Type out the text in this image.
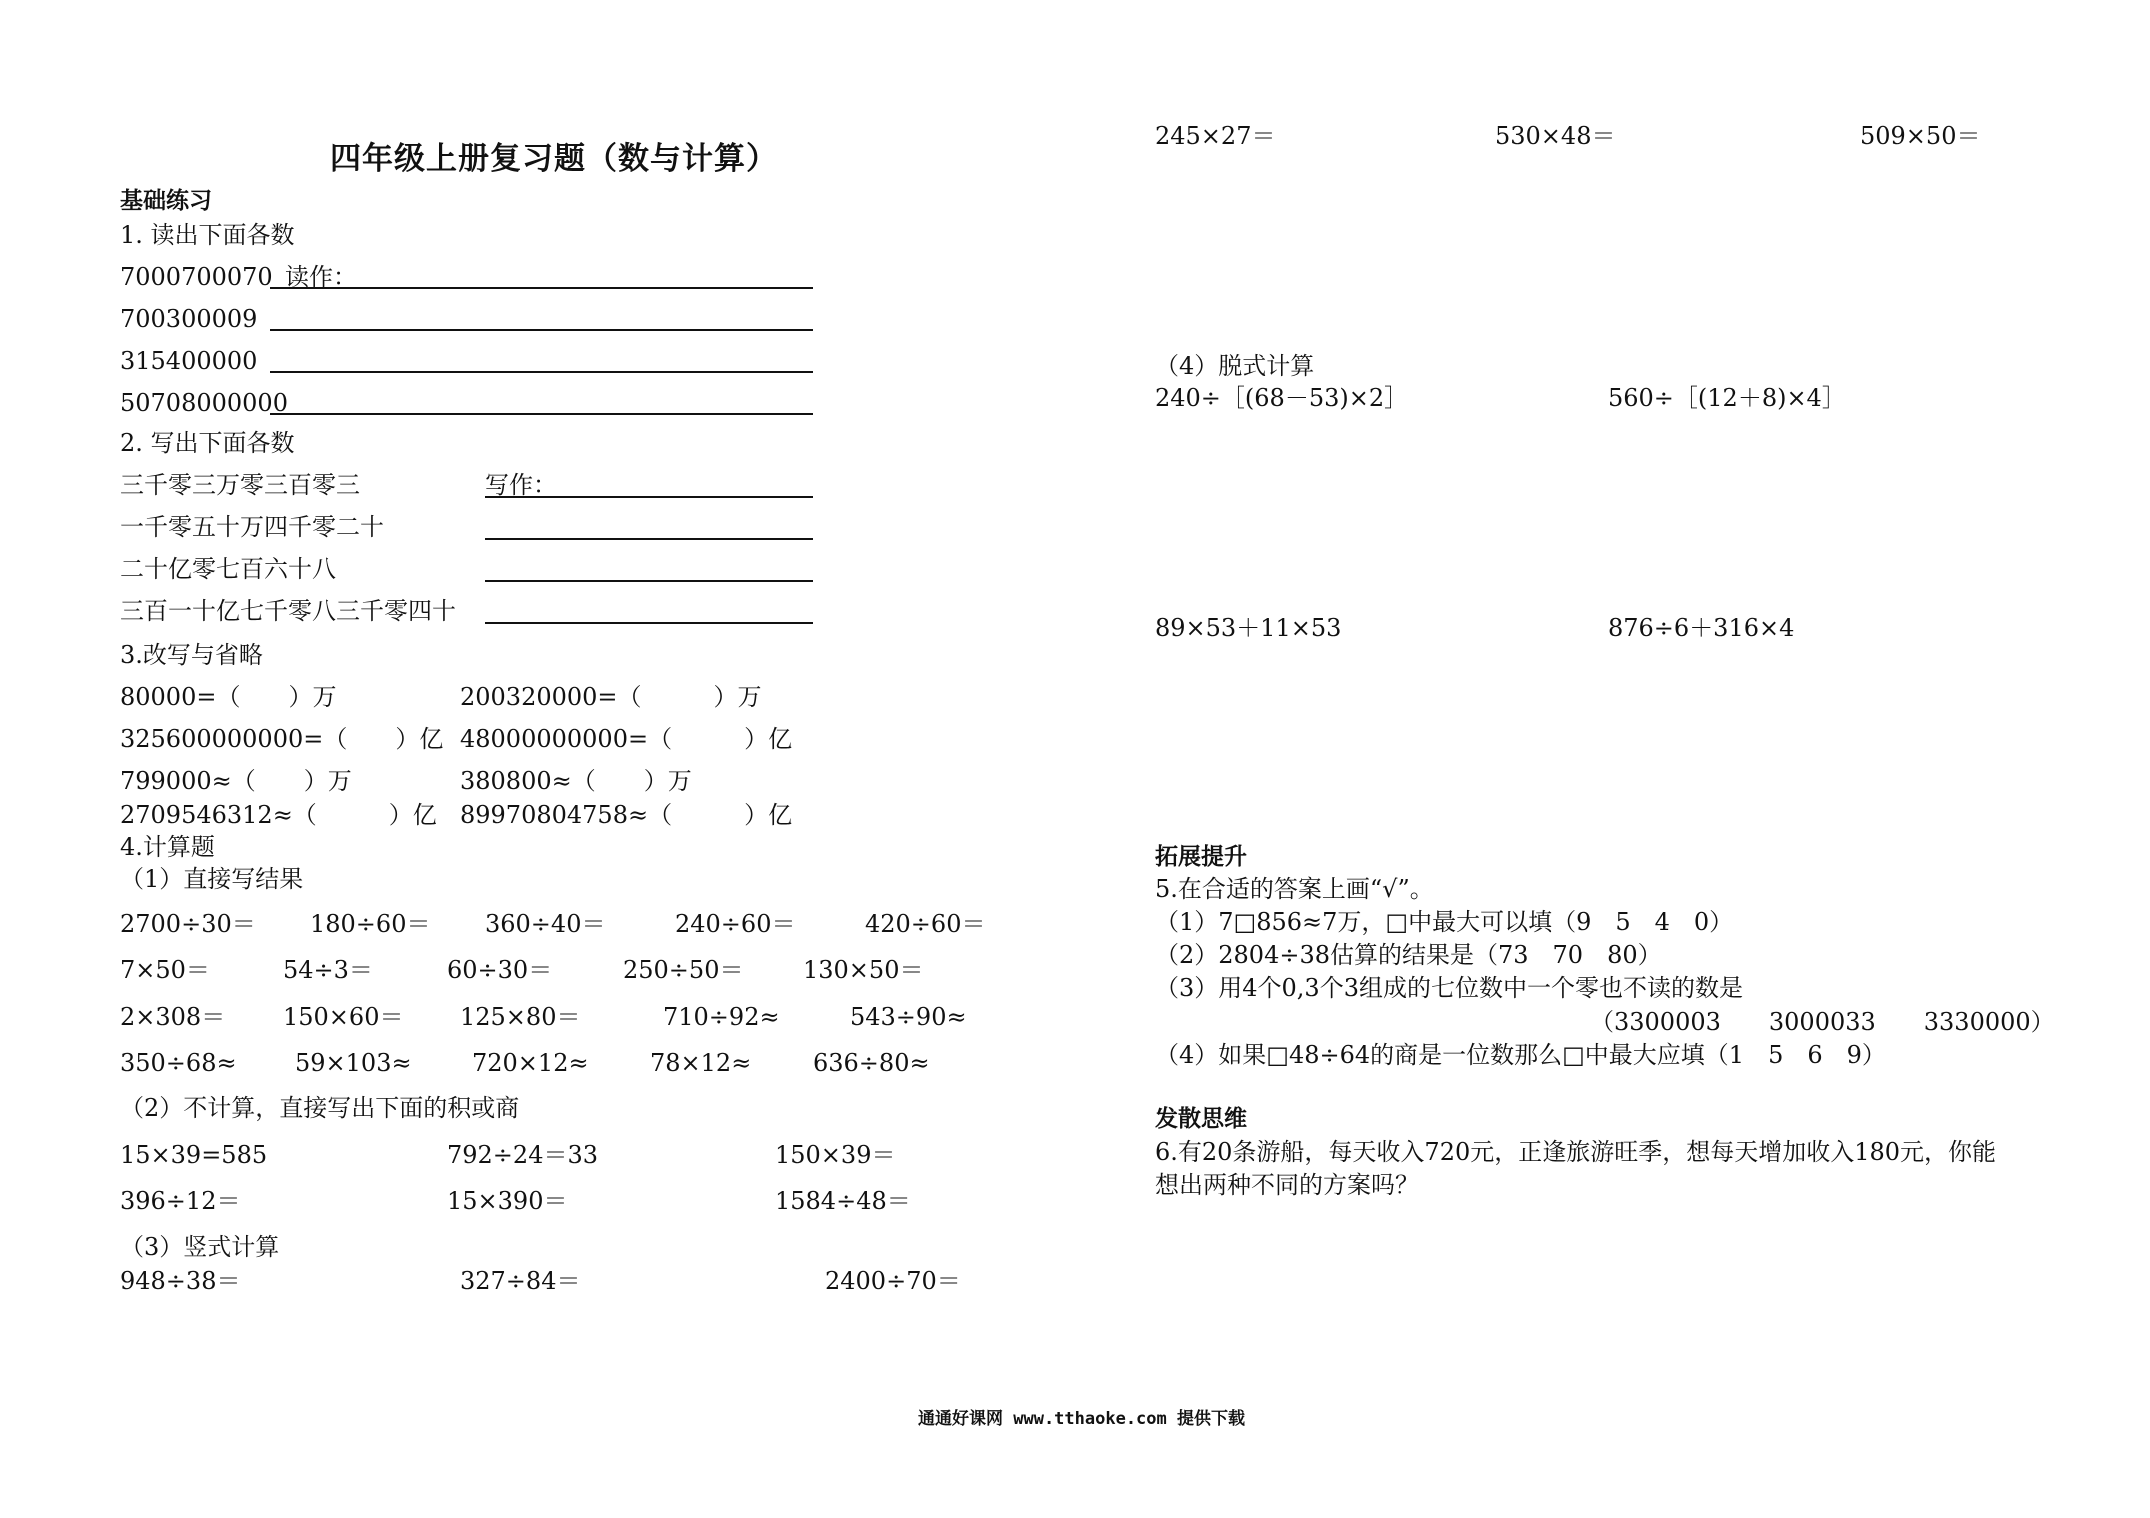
四年级上册复习题（数与计算）
基础练习
1. 读出下面各数
7000700070 读作：
700300009
315400000
50708000000
2. 写出下面各数
三千零三万零三百零三	写作：
一千零五十万四千零二十
二十亿零七百六十八
三百一十亿七千零八三千零四十
3.改写与省略
80000=（　　）万	200320000=（　　　）万
325600000000=（　　）亿 48000000000=（　　　）亿
799000≈（　　）万	380800≈（　　）万
2709546312≈（　　　）亿 89970804758≈（　　　）亿
4.计算题
（1）直接写结果
2700÷30＝ 180÷60＝ 360÷40＝	240÷60＝	420÷60＝
7×50＝	54÷3＝	60÷30＝	250÷50＝ 130×50＝
2×308＝ 150×60＝ 125×80＝	710÷92≈	543÷90≈
350÷68≈ 59×103≈	720×12≈	78×12≈	636÷80≈
（2）不计算，直接写出下面的积或商
15×39=585	792÷24＝33	150×39＝
396÷12＝	15×390＝	1584÷48＝
（3）竖式计算
948÷38＝	327÷84＝	2400÷70＝
245×27＝	530×48＝	509×50＝
（4）脱式计算
240÷［(68－53)×2］	560÷［(12＋8)×4］
89×53＋11×53	876÷6＋316×4
拓展提升
5.在合适的答案上画“√”。
（1）7□856≈7万，□中最大可以填（9　5　4　0）
（2）2804÷38估算的结果是（73　70　80）
（3）用4个0,3个3组成的七位数中一个零也不读的数是
（3300003　　3000033　　3330000）
（4）如果□48÷64的商是一位数那么□中最大应填（1　5　6　9）
发散思维
6.有20条游船，每天收入720元，正逢旅游旺季，想每天增加收入180元，你能
想出两种不同的方案吗？
通通好课网 www.tthaoke.com 提供下载
